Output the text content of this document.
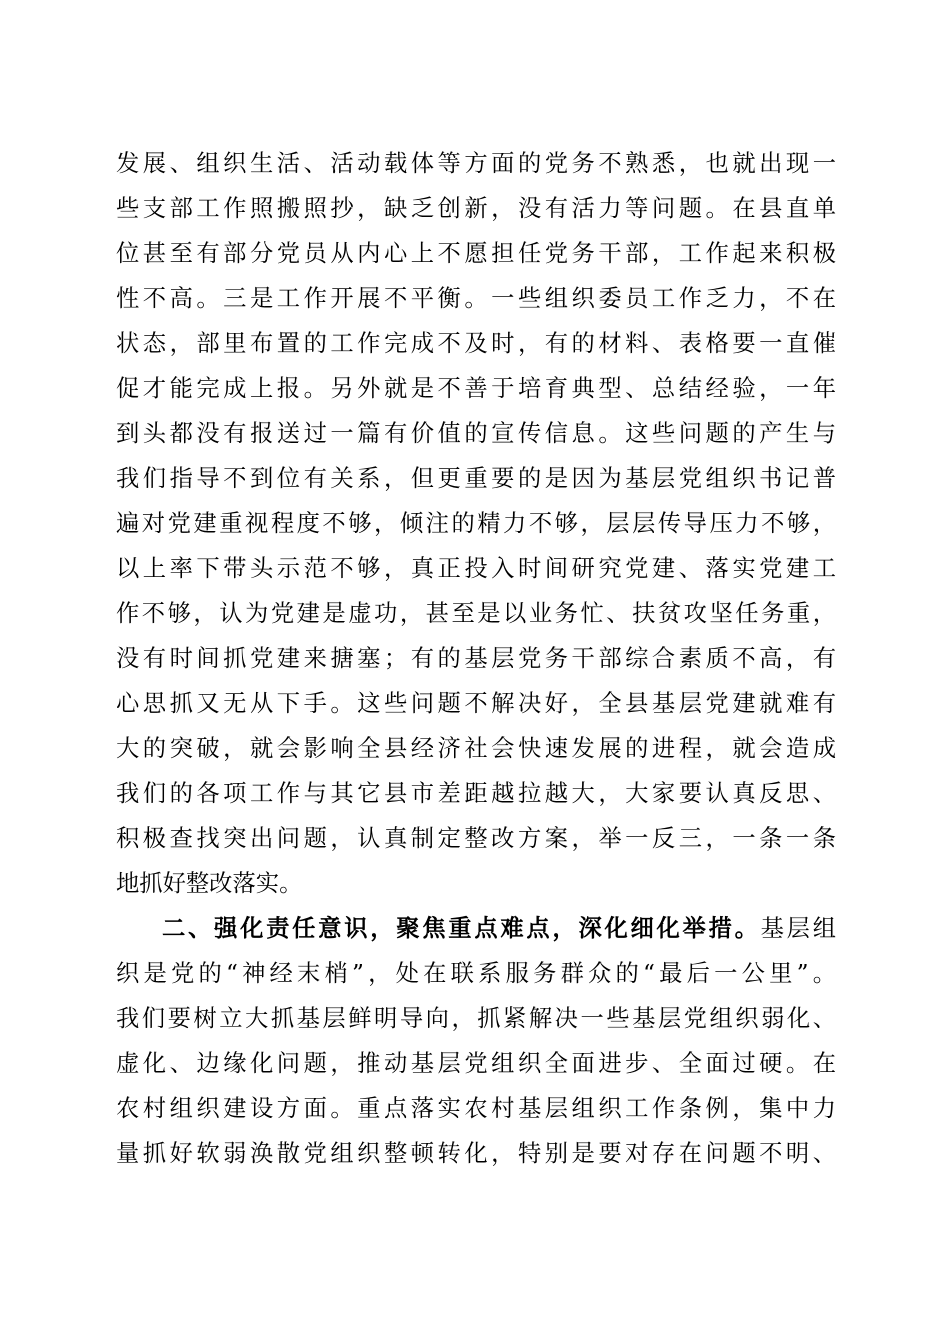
发展、组织生活、活动载体等方面的党务不熟悉，也就出现一
些支部工作照搬照抄，缺乏创新，没有活力等问题。在县直单
位甚至有部分党员从内心上不愿担任党务干部，工作起来积极
性不高。三是工作开展不平衡。一些组织委员工作乏力，不在
状态，部里布置的工作完成不及时，有的材料、表格要一直催
促才能完成上报。另外就是不善于培育典型、总结经验，一年
到头都没有报送过一篇有价值的宣传信息。这些问题的产生与
我们指导不到位有关系，但更重要的是因为基层党组织书记普
遍对党建重视程度不够，倾注的精力不够，层层传导压力不够，
以上率下带头示范不够，真正投入时间研究党建、落实党建工
作不够，认为党建是虚功，甚至是以业务忙、扶贫攻坚任务重，
没有时间抓党建来搪塞；有的基层党务干部综合素质不高，有
心思抓又无从下手。这些问题不解决好，全县基层党建就难有
大的突破，就会影响全县经济社会快速发展的进程，就会造成
我们的各项工作与其它县市差距越拉越大，大家要认真反思、
积极查找突出问题，认真制定整改方案，举一反三，一条一条
地抓好整改落实。
二、强化责任意识，聚焦重点难点，深化细化举措。基层组
织是党的“神经末梢”，处在联系服务群众的“最后一公里”。
我们要树立大抓基层鲜明导向，抓紧解决一些基层党组织弱化、
虚化、边缘化问题，推动基层党组织全面进步、全面过硬。在
农村组织建设方面。重点落实农村基层组织工作条例，集中力
量抓好软弱涣散党组织整顿转化，特别是要对存在问题不明、
